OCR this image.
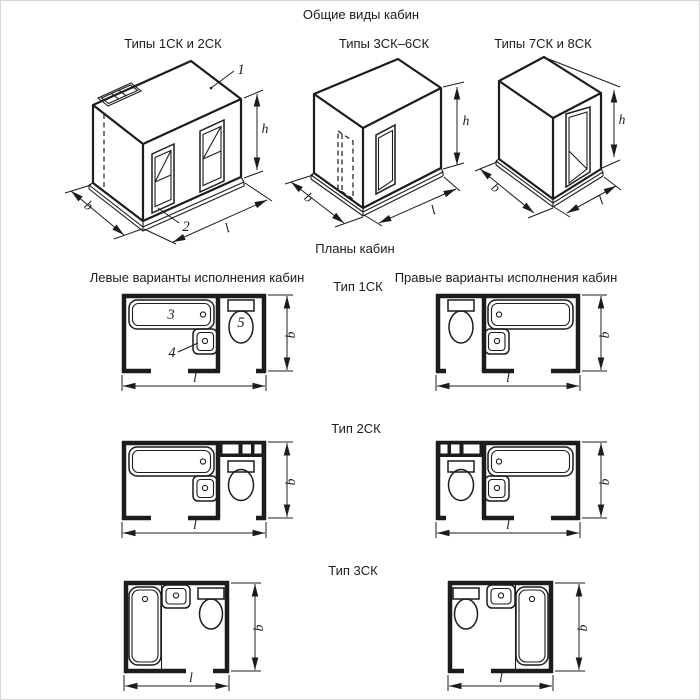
1
2
b
l
h
b
l
h
b
l
h
3
4
5
l
b
l
b
l
b
l
b
l
b
l
b
Общие виды кабин
Типы 1СК и 2СК	Типы 3СК–6СК	Типы 7СК и 8СК
Планы кабин
Левые варианты исполнения кабин	Правые варианты исполнения кабин
Тип 1СК
Тип 2СК
Тип 3СК
